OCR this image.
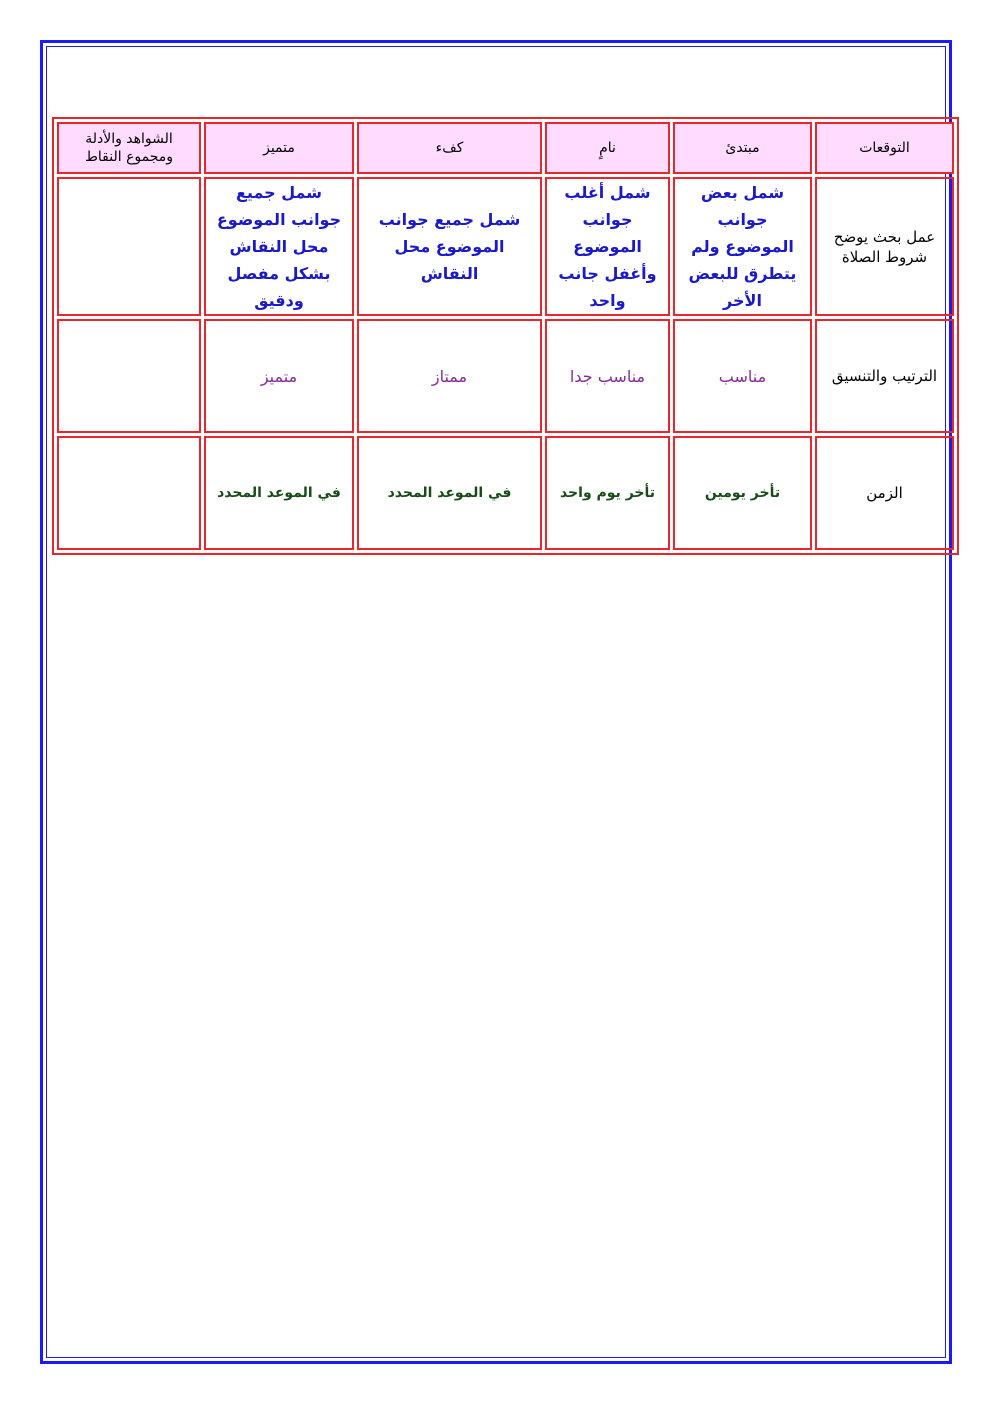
التوقعات	مبتدئ	نامٍ	كفء	متميز	الشواهد والأدلة ومجموع النقاط
عمل بحث يوضح شروط الصلاة	شمل بعض جوانب الموضوع ولم يتطرق للبعض الأخر	شمل أغلب جوانب الموضوع وأغفل جانب واحد	شمل جميع جوانب الموضوع محل النقاش	شمل جميع جوانب الموضوع محل النقاش بشكل مفصل ودقيق	
الترتيب والتنسيق	مناسب	مناسب جدا	ممتاز	متميز	
الزمن	تأخر يومين	تأخر يوم واحد	في الموعد المحدد	في الموعد المحدد	
